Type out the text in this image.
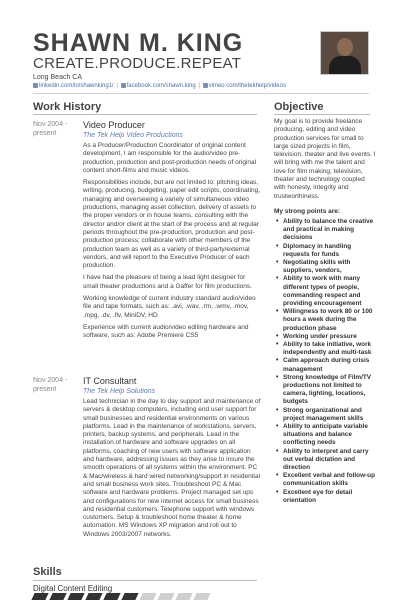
SHAWN M. KING
CREATE.PRODUCE.REPEAT
Long Beach CA
linkedin.com/in/shawnking1/ | facebook.com/shawn.king | vimeo.com/thetekhelp/videos
Work History	Objective
Nov 2004 - present
Video Producer
The Tek Help Video Productions

As a Producer/Production Coordinator of original content development, I am responsible for the audio/video pre-production, production and post-production needs of original content short-films and music videos.

Responsibilities include, but are not limited to: pitching ideas, writing, producing, budgeting, paper edit scripts, coordinating, managing and overseeing a variety of simultaneous video productions, managing asset collection, delivery of assets to the proper vendors or in house teams, consulting with the director and/or client at the start of the process and at regular periods throughout the pre-production, production and post-production process; collaborate with other members of the production team as well as a variety of third-party/external vendors, and will report to the Executive Producer of each production.

I have had the pleasure of being a lead light designer for small theater productions and a Gaffer for film productions.

Working knowledge of current industry standard audio/video file and tape formats, such as: .avi, .wav, .rm, .wmv, .mov, .mpg, .dv, .flv, MiniDV, HD

Experience with current audio/video editing hardware and software, such as: Adobe Premiere CS5

Nov 2004 - present
IT Consultant
The Tek Help Solutions

Lead technician in the day to day support and maintenance of servers & desktop computers, including end user support for small businesses and residential environments on various platforms. Lead in the maintenance of workstations, servers, printers, backup systems, and peripherals. Lead in the installation of hardware and software upgrades on all platforms, coaching of new users with software application and hardware, addressing issues as they arise to insure the smooth operations of all systems within the environment. PC & Mac/wireless & hard wired networking/support in residential and small business work sites. Troubleshoot PC & Mac software and hardware problems. Project managed set ups and configurations for new internet access for small business and residential customers. Telephone support with windows customers. Setup & troubleshoot home theater & home automation. MS Windows XP migration and roll out to Windows 2003/2007 networks.

My goal is to provide freelance producing, editing and video production services for small to large sized projects in film, television, theater and live events. I will bring with me the talent and love for film making, television, theater and technology coupled with honesty, integrity and trustworthiness.

My strong points are:
• Ability to balance the creative and practical in making decisions
• Diplomacy in handling requests for funds
• Negotiating skills with suppliers, vendors,
• Ability to work with many different types of people, commanding respect and providing encouragement
• Willingness to work 80 or 100 hours a week during the production phase
• Working under pressure
• Ability to take initiative, work independently and multi-task
• Calm approach during crisis management
• Strong knowledge of Film/TV productions not limited to camera, lighting, locations, budgets
• Strong organizational and project management skills
• Ability to anticipate variable situations and balance conflicting needs
• Ability to interpret and carry out verbal dictation and direction
• Excellent verbal and follow-up communication skills
• Excellent eye for detail orientation
Skills
Digital Content Editing
